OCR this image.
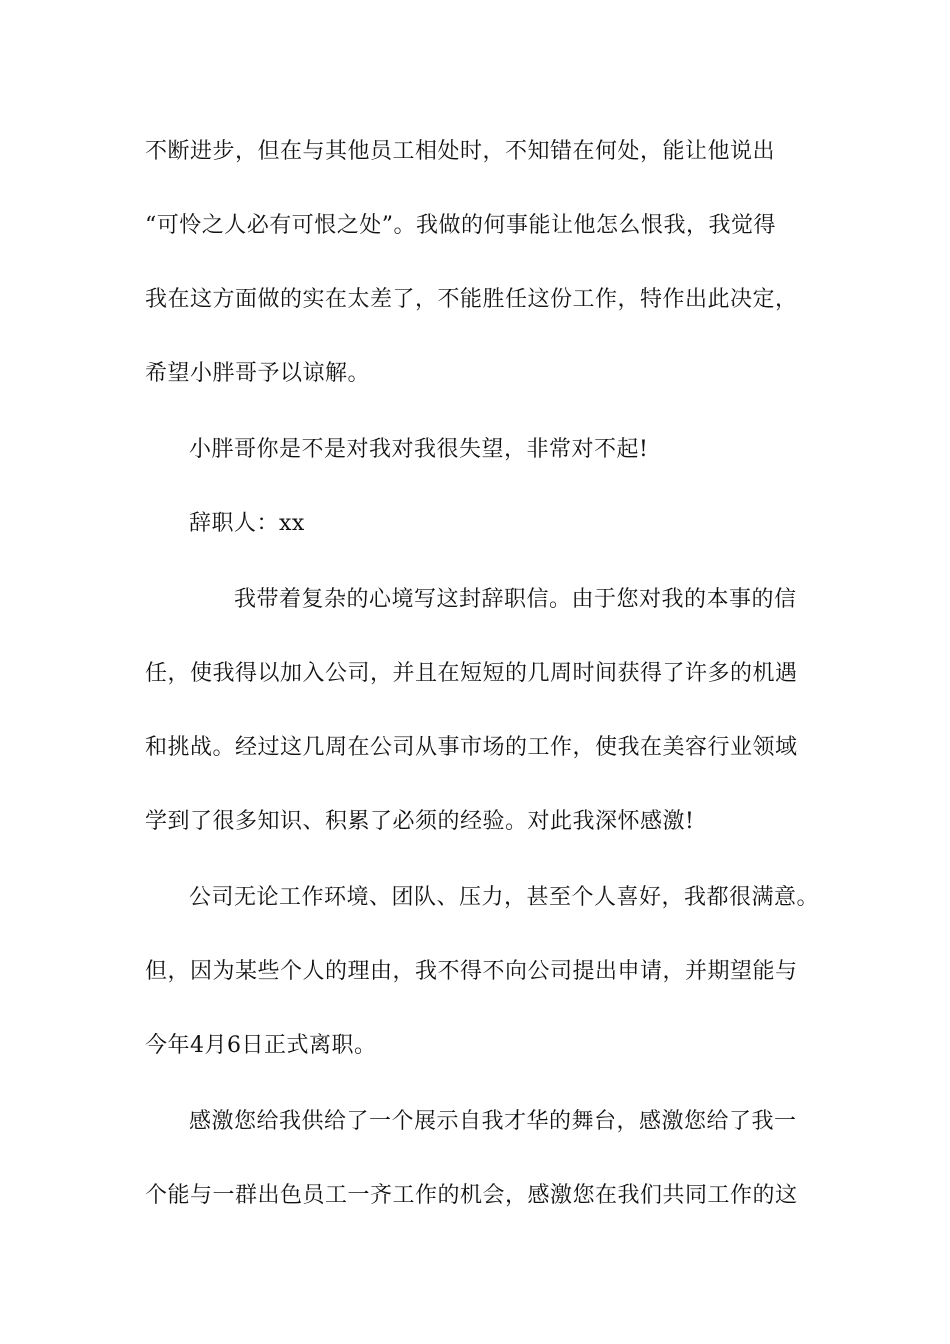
不断进步，但在与其他员工相处时，不知错在何处，能让他说出
“可怜之人必有可恨之处”。我做的何事能让他怎么恨我，我觉得
我在这方面做的实在太差了，不能胜任这份工作，特作出此决定，
希望小胖哥予以谅解。
小胖哥你是不是对我对我很失望，非常对不起!
辞职人：xx
我带着复杂的心境写这封辞职信。由于您对我的本事的信
任，使我得以加入公司，并且在短短的几周时间获得了许多的机遇
和挑战。经过这几周在公司从事市场的工作，使我在美容行业领域
学到了很多知识、积累了必须的经验。对此我深怀感激!
公司无论工作环境、团队、压力，甚至个人喜好，我都很满意。
但，因为某些个人的理由，我不得不向公司提出申请，并期望能与
今年4月6日正式离职。
感激您给我供给了一个展示自我才华的舞台，感激您给了我一
个能与一群出色员工一齐工作的机会，感激您在我们共同工作的这
